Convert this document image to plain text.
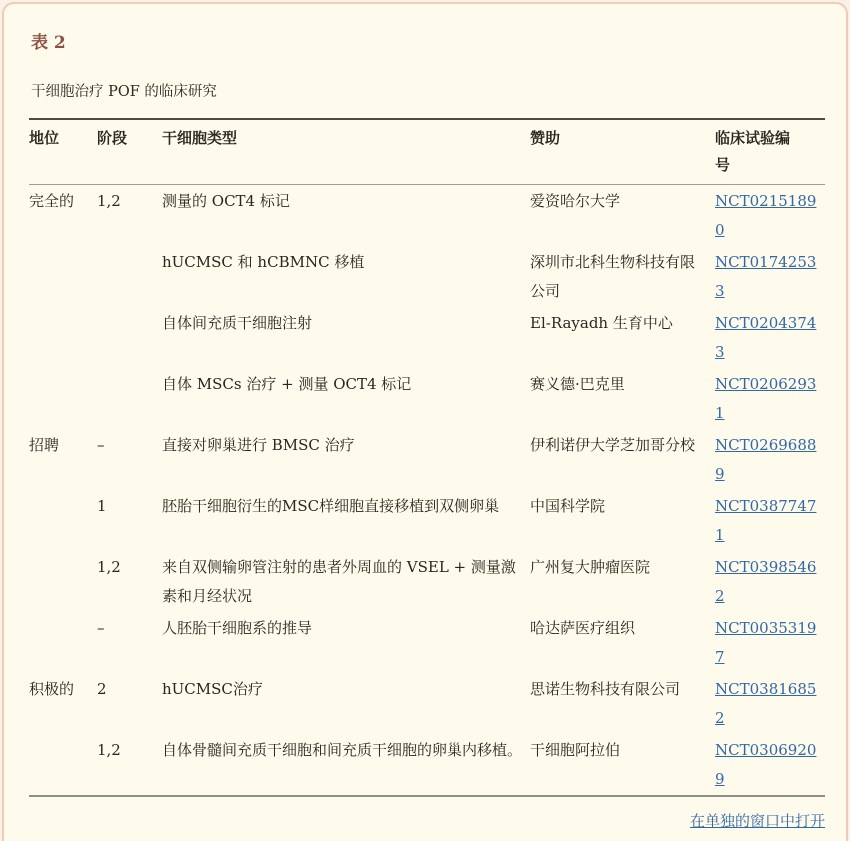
表 2
干细胞治疗 POF 的临床研究
地位	阶段	干细胞类型	赞助	临床试验编号
完全的	1,2	测量的 OCT4 标记	爱资哈尔大学	NCT02151890
		hUCMSC 和 hCBMNC 移植	深圳市北科生物科技有限公司	NCT01742533
		自体间充质干细胞注射	El-Rayadh 生育中心	NCT02043743
		自体 MSCs 治疗 + 测量 OCT4 标记	赛义德·巴克里	NCT02062931
招聘	–	直接对卵巢进行 BMSC 治疗	伊利诺伊大学芝加哥分校	NCT02696889
	1	胚胎干细胞衍生的MSC样细胞直接移植到双侧卵巢	中国科学院	NCT03877471
	1,2	来自双侧输卵管注射的患者外周血的 VSEL + 测量激素和月经状况	广州复大肿瘤医院	NCT03985462
	–	人胚胎干细胞系的推导	哈达萨医疗组织	NCT00353197
积极的	2	hUCMSC治疗	思诺生物科技有限公司	NCT03816852
	1,2	自体骨髓间充质干细胞和间充质干细胞的卵巢内移植。	干细胞阿拉伯	NCT03069209
在单独的窗口中打开
